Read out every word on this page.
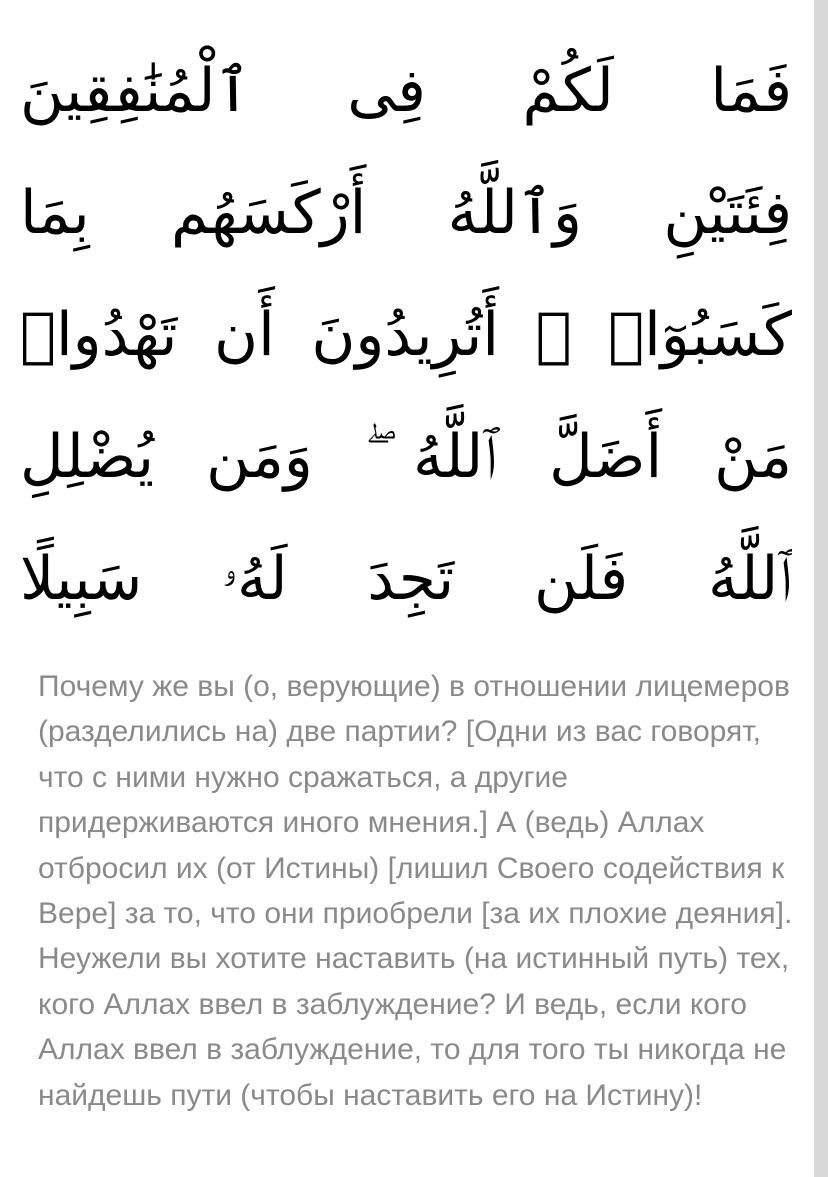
فَمَا لَكُمْ فِى ٱلْمُنَٰفِقِينَ
فِئَتَيْنِ وَٱللَّهُ أَرْكَسَهُم بِمَا
كَسَبُوٓا۟ ۚ أَتُرِيدُونَ أَن تَهْدُوا۟
مَنْ أَضَلَّ ٱللَّهُ ۖ وَمَن يُضْلِلِ
ٱللَّهُ فَلَن تَجِدَ لَهُۥ سَبِيلًا

Почему же вы (о, верующие) в отношении лицемеров (разделились на) две партии? [Одни из вас говорят, что с ними нужно сражаться, а другие придерживаются иного мнения.] А (ведь) Аллах отбросил их (от Истины) [лишил Своего содействия к Вере] за то, что они приобрели [за их плохие деяния]. Неужели вы хотите наставить (на истинный путь) тех, кого Аллах ввел в заблуждение? И ведь, если кого Аллах ввел в заблуждение, то для того ты никогда не найдешь пути (чтобы наставить его на Истину)!
